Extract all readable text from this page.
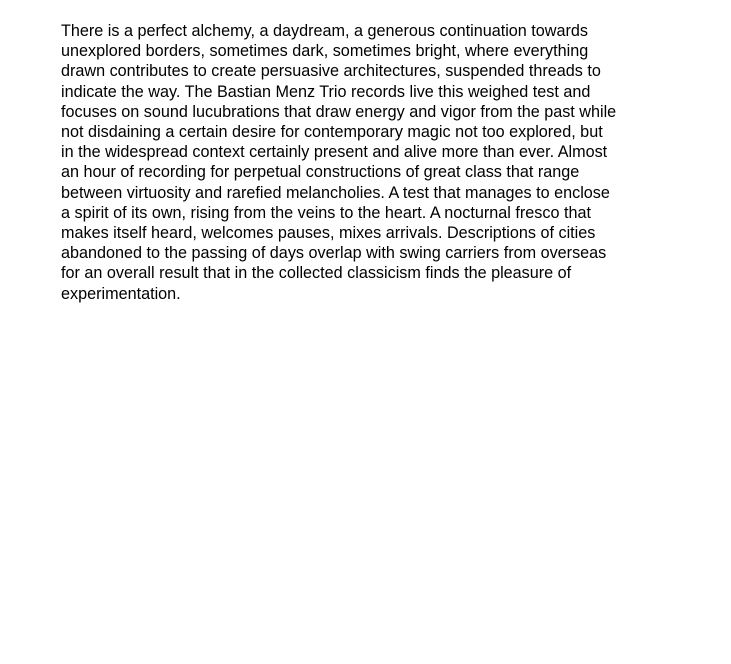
There is a perfect alchemy, a daydream, a generous continuation towards
unexplored borders, sometimes dark, sometimes bright, where everything
drawn contributes to create persuasive architectures, suspended threads to
indicate the way. The Bastian Menz Trio records live this weighed test and
focuses on sound lucubrations that draw energy and vigor from the past while
not disdaining a certain desire for contemporary magic not too explored, but
in the widespread context certainly present and alive more than ever. Almost
an hour of recording for perpetual constructions of great class that range
between virtuosity and rarefied melancholies. A test that manages to enclose
a spirit of its own, rising from the veins to the heart. A nocturnal fresco that
makes itself heard, welcomes pauses, mixes arrivals. Descriptions of cities
abandoned to the passing of days overlap with swing carriers from overseas
for an overall result that in the collected classicism finds the pleasure of
experimentation.
